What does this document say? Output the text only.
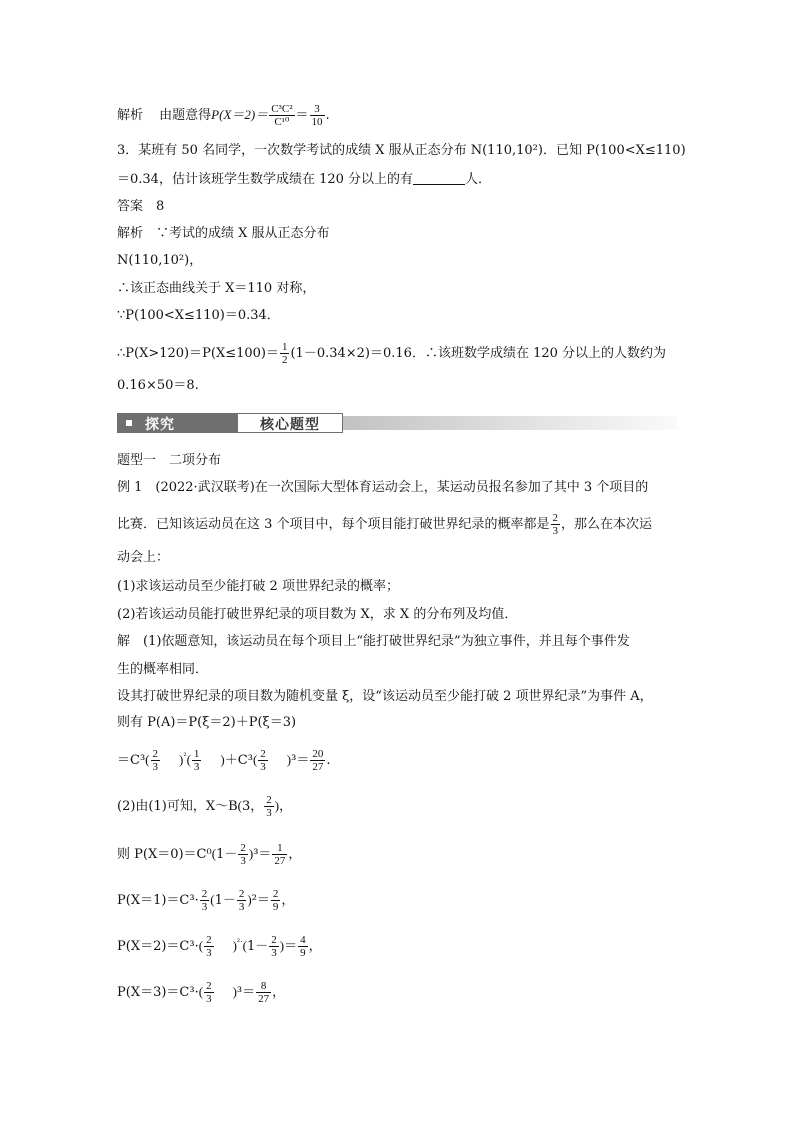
解析 由题意得$P(X=2)= \frac{\text{C³C²}}{\text{C¹⁰}} = \frac{3}{10}$ .
3．某班有 50 名同学，一次数学考试的成绩 X 服从正态分布 N(110,10²)．已知 P(100<X≤110)
＝0.34，估计该班学生数学成绩在 120 分以上的有	人．
答案　8
解析　∵考试的成绩 X 服从正态分布
N(110,10²)，
∴该正态曲线关于 X＝110 对称，
∵P(100<X≤110)＝0.34．
∴P(X>120)＝P(X≤100)＝ $\frac{1}{2} (1-0.34\times 2)=0.16$．∴该班数学成绩在 120 分以上的人数约为
0.16×50＝8.
探究	核心题型
题型一　二项分布
例 1　(2022·武汉联考)在一次国际大型体育运动会上，某运动员报名参加了其中 3 个项目的
比赛．已知该运动员在这 3 个项目中，每个项目能打破世界纪录的概率都是 $\frac{2}{3}$ ，那么在本次运
动会上：
(1)求该运动员至少能打破 2 项世界纪录的概率；
(2)若该运动员能打破世界纪录的项目数为 X，求 X 的分布列及均值．
解　(1)依题意知，该运动员在每个项目上“能打破世界纪录”为独立事件，并且每个事件发
生的概率相同．
设其打破世界纪录的项目数为随机变量 ξ，设“该运动员至少能打破 2 项世界纪录”为事件 A，
则有 P(A)＝P(ξ＝2)＋P(ξ＝3)
$=C^3( \frac{2}{3} )^{^2}( \frac{1}{3} )+C^3( \frac{2}{3} )^3= \frac{20}{27}$ .
(2)由(1)可知，X～B(3， $\frac{2}{3}$ )，
则 $P(X=0)=C^0(1- \frac{2}{3} )^3= \frac{1}{27}$ ，
$P(X=1)=C^3\cdot \frac{2}{3} (1- \frac{2}{3} )^2= \frac{2}{9}$ ，
$P(X=2)=C^3\cdot( \frac{2}{3} )^{^2\cdot}(1- \frac{2}{3}$ )＝ $\frac{4}{9}$ ，
$P(X=3)=C^3\cdot( \frac{2}{3} )^3= \frac{8}{27}$ ，
